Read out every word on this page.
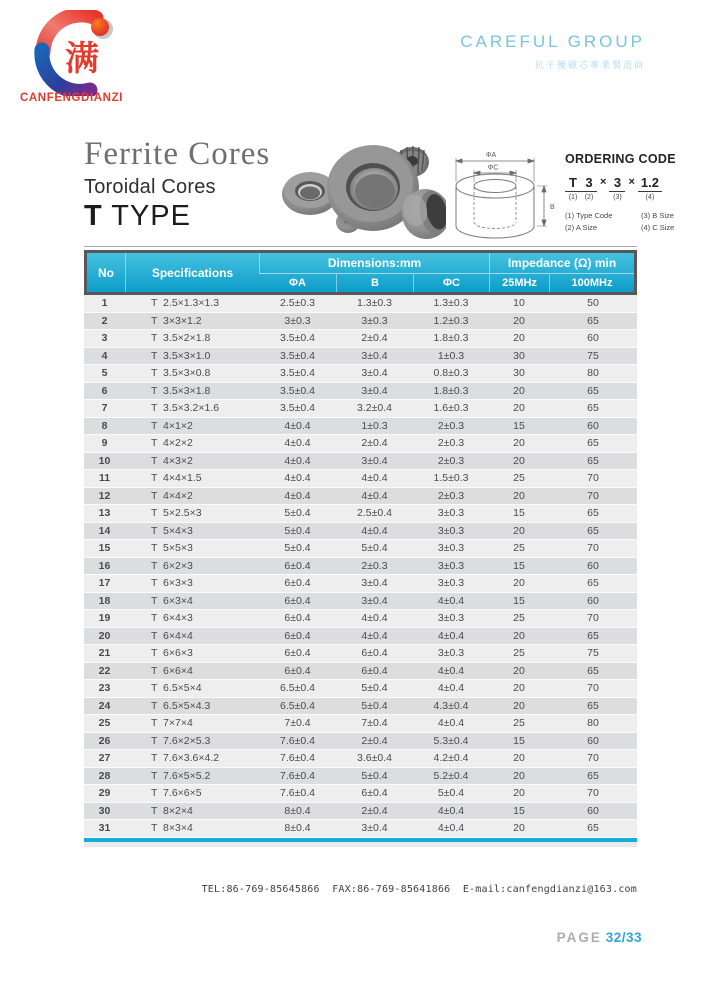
满
CANFENGDIANZI
CAREFUL GROUP
抗干擾磁芯專業製造商
Ferrite Cores
Toroidal Cores
T TYPE
ΦA
ΦC
B
ORDERING CODE
T
(1)
3
(2)
× 3
(3)
× 1.2
(4)
(1) Type Code	(3) B Size
(2) A Size	(4) C Size
No	Specifications
Dimensions:mm	Impedance (Ω) min
ΦA	B	ΦC	25MHz	100MHz
1	T  2.5×1.3×1.3	2.5±0.3	1.3±0.3	1.3±0.3	10	50
2	T  3×3×1.2	3±0.3	3±0.3	1.2±0.3	20	65
3	T  3.5×2×1.8	3.5±0.4	2±0.4	1.8±0.3	20	60
4	T  3.5×3×1.0	3.5±0.4	3±0.4	1±0.3	30	75
5	T  3.5×3×0.8	3.5±0.4	3±0.4	0.8±0.3	30	80
6	T  3.5×3×1.8	3.5±0.4	3±0.4	1.8±0.3	20	65
7	T  3.5×3.2×1.6	3.5±0.4	3.2±0.4	1.6±0.3	20	65
8	T  4×1×2	4±0.4	1±0.3	2±0.3	15	60
9	T  4×2×2	4±0.4	2±0.4	2±0.3	20	65
10	T  4×3×2	4±0.4	3±0.4	2±0.3	20	65
11	T  4×4×1.5	4±0.4	4±0.4	1.5±0.3	25	70
12	T  4×4×2	4±0.4	4±0.4	2±0.3	20	70
13	T  5×2.5×3	5±0.4	2.5±0.4	3±0.3	15	65
14	T  5×4×3	5±0.4	4±0.4	3±0.3	20	65
15	T  5×5×3	5±0.4	5±0.4	3±0.3	25	70
16	T  6×2×3	6±0.4	2±0.3	3±0.3	15	60
17	T  6×3×3	6±0.4	3±0.4	3±0.3	20	65
18	T  6×3×4	6±0.4	3±0.4	4±0.4	15	60
19	T  6×4×3	6±0.4	4±0.4	3±0.3	25	70
20	T  6×4×4	6±0.4	4±0.4	4±0.4	20	65
21	T  6×6×3	6±0.4	6±0.4	3±0.3	25	75
22	T  6×6×4	6±0.4	6±0.4	4±0.4	20	65
23	T  6.5×5×4	6.5±0.4	5±0.4	4±0.4	20	70
24	T  6.5×5×4.3	6.5±0.4	5±0.4	4.3±0.4	20	65
25	T  7×7×4	7±0.4	7±0.4	4±0.4	25	80
26	T  7.6×2×5.3	7.6±0.4	2±0.4	5.3±0.4	15	60
27	T  7.6×3.6×4.2	7.6±0.4	3.6±0.4	4.2±0.4	20	70
28	T  7.6×5×5.2	7.6±0.4	5±0.4	5.2±0.4	20	65
29	T  7.6×6×5	7.6±0.4	6±0.4	5±0.4	20	70
30	T  8×2×4	8±0.4	2±0.4	4±0.4	15	60
31	T  8×3×4	8±0.4	3±0.4	4±0.4	20	65
TEL:86-769-85645866  FAX:86-769-85641866  E-mail:canfengdianzi@163.com
PAGE 32/33
